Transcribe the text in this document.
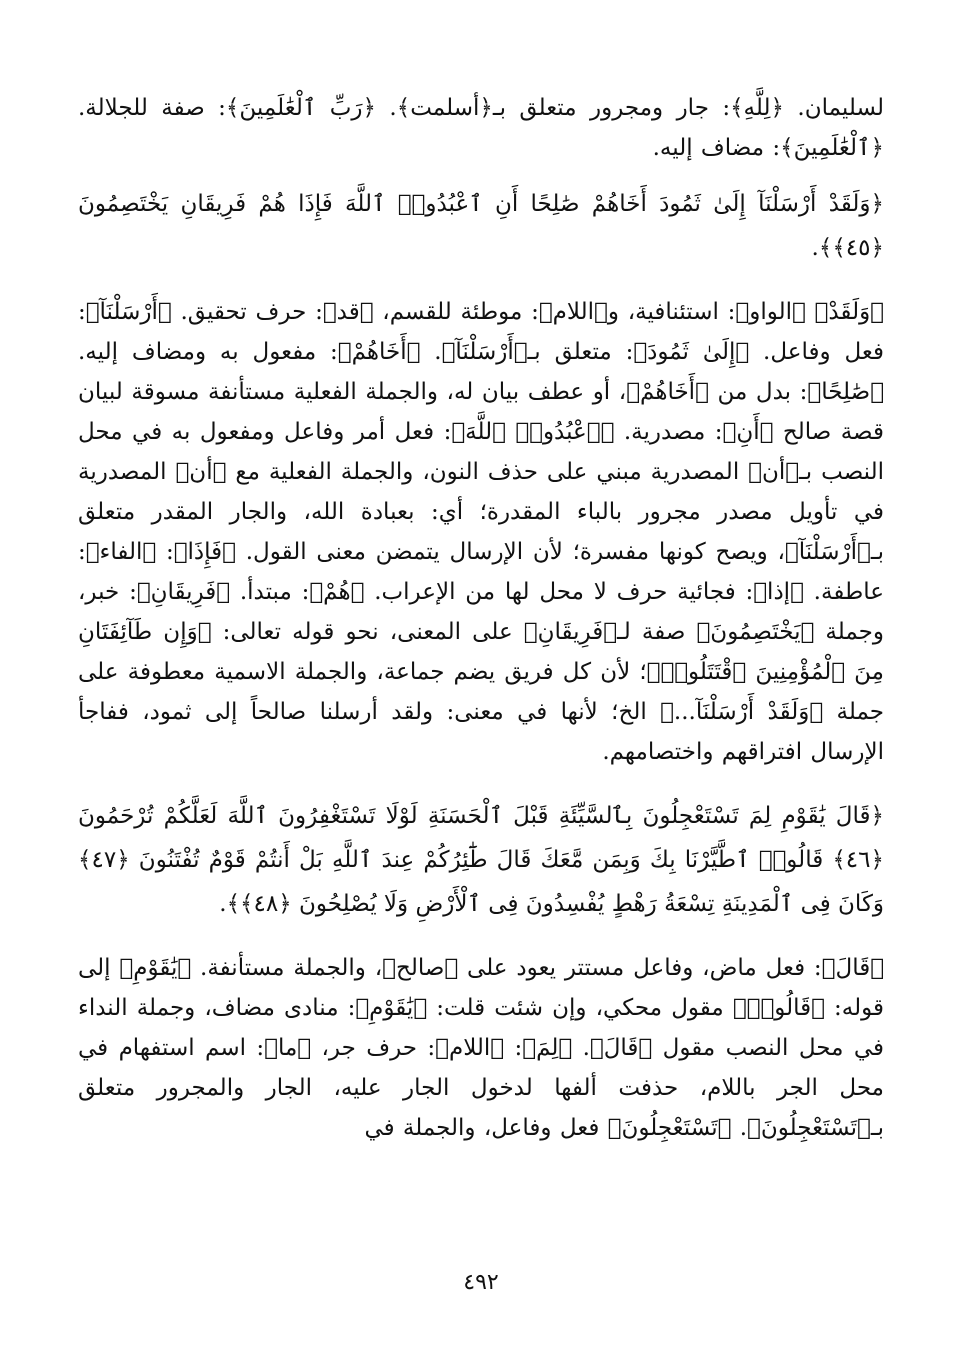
لسليمان. ﴿لِلَّهِ﴾: جار ومجرور متعلق بـ﴿أسلمت﴾. ﴿رَبِّ ٱلْعَٰلَمِينَ﴾: صفة للجلالة. ﴿ٱلْعَٰلَمِينَ﴾: مضاف إليه.

﴿وَلَقَدْ أَرْسَلْنَآ إِلَىٰ ثَمُودَ أَخَاهُمْ صَٰلِحًا أَنِ ٱعْبُدُوا۟ ٱللَّهَ فَإِذَا هُمْ فَرِيقَانِ يَخْتَصِمُونَ ﴿٤٥﴾﴾.

﴿وَلَقَدْ﴾ ﴿الواو﴾: استئنافية، و﴿اللام﴾: موطئة للقسم، ﴿قد﴾: حرف تحقيق. ﴿أَرْسَلْنَآ﴾: فعل وفاعل. ﴿إِلَىٰ ثَمُودَ﴾: متعلق بـ﴿أَرْسَلْنَآ﴾. ﴿أَخَاهُمْ﴾: مفعول به ومضاف إليه. ﴿صَٰلِحًا﴾: بدل من ﴿أَخَاهُمْ﴾، أو عطف بيان له، والجملة الفعلية مستأنفة مسوقة لبيان قصة صالح ﴿أَنِ﴾: مصدرية. ﴿ٱعْبُدُوا۟ ٱللَّهَ﴾: فعل أمر وفاعل ومفعول به في محل النصب بـ﴿أن﴾ المصدرية مبني على حذف النون، والجملة الفعلية مع ﴿أن﴾ المصدرية في تأويل مصدر مجرور بالباء المقدرة؛ أي: بعبادة الله، والجار المقدر متعلق بـ﴿أَرْسَلْنَآ﴾، ويصح كونها مفسرة؛ لأن الإرسال يتمضن معنى القول. ﴿فَإِذَا﴾: ﴿الفاء﴾: عاطفة. ﴿إذا﴾: فجائية حرف لا محل لها من الإعراب. ﴿هُمْ﴾: مبتدأ. ﴿فَرِيقَانِ﴾: خبر، وجملة ﴿يَخْتَصِمُونَ﴾ صفة لـ﴿فَرِيقَانِ﴾ على المعنى، نحو قوله تعالى: ﴿وَإِن طَآئِفَتَانِ مِنَ ٱلْمُؤْمِنِينَ ٱقْتَتَلُوا۟﴾؛ لأن كل فريق يضم جماعة، والجملة الاسمية معطوفة على جملة ﴿وَلَقَدْ أَرْسَلْنَآ...﴾ الخ؛ لأنها في معنى: ولقد أرسلنا صالحاً إلى ثمود، ففاجأ الإرسال افتراقهم واختصامهم.

﴿قَالَ يَٰقَوْمِ لِمَ تَسْتَعْجِلُونَ بِٱلسَّيِّئَةِ قَبْلَ ٱلْحَسَنَةِ لَوْلَا تَسْتَغْفِرُونَ ٱللَّهَ لَعَلَّكُمْ تُرْحَمُونَ ﴿٤٦﴾ قَالُوا۟ ٱطَّيَّرْنَا بِكَ وَبِمَن مَّعَكَ قَالَ طَٰٓئِرُكُمْ عِندَ ٱللَّهِ بَلْ أَنتُمْ قَوْمٌ تُفْتَنُونَ ﴿٤٧﴾ وَكَانَ فِى ٱلْمَدِينَةِ تِسْعَةُ رَهْطٍ يُفْسِدُونَ فِى ٱلْأَرْضِ وَلَا يُصْلِحُونَ ﴿٤٨﴾﴾.

﴿قَالَ﴾: فعل ماض، وفاعل مستتر يعود على ﴿صالح﴾، والجملة مستأنفة. ﴿يَٰقَوْمِ﴾ إلى قوله: ﴿قَالُوا۟﴾ مقول محكي، وإن شئت قلت: ﴿يَٰقَوْمِ﴾: منادى مضاف، وجملة النداء في محل النصب مقول ﴿قَالَ﴾. ﴿لِمَ﴾: ﴿اللام﴾: حرف جر، ﴿ما﴾: اسم استفهام في محل الجر باللام، حذفت ألفها لدخول الجار عليه، الجار والمجرور متعلق بـ﴿تَسْتَعْجِلُونَ﴾. ﴿تَسْتَعْجِلُونَ﴾ فعل وفاعل، والجملة في

٤٩٢
